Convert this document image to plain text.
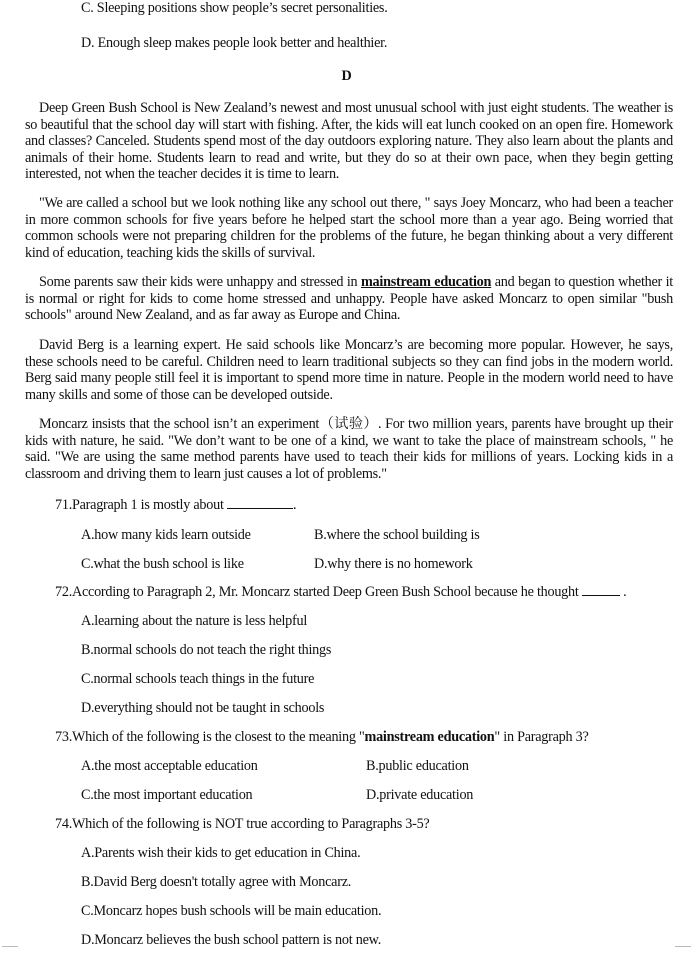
C. Sleeping positions show people’s secret personalities.
D. Enough sleep makes people look better and healthier.
D
Deep Green Bush School is New Zealand’s newest and most unusual school with just eight students. The weather is so beautiful that the school day will start with fishing. After, the kids will eat lunch cooked on an open fire. Homework and classes? Canceled. Students spend most of the day outdoors exploring nature. They also learn about the plants and animals of their home. Students learn to read and write, but they do so at their own pace, when they begin getting interested, not when the teacher decides it is time to learn.
"We are called a school but we look nothing like any school out there, " says Joey Moncarz, who had been a teacher in more common schools for five years before he helped start the school more than a year ago. Being worried that common schools were not preparing children for the problems of the future, he began thinking about a very different kind of education, teaching kids the skills of survival.
Some parents saw their kids were unhappy and stressed in mainstream education and began to question whether it is normal or right for kids to come home stressed and unhappy. People have asked Moncarz to open similar "bush schools" around New Zealand, and as far away as Europe and China.
David Berg is a learning expert. He said schools like Moncarz’s are becoming more popular. However, he says, these schools need to be careful. Children need to learn traditional subjects so they can find jobs in the modern world. Berg said many people still feel it is important to spend more time in nature. People in the modern world need to have many skills and some of those can be developed outside.
Moncarz insists that the school isn’t an experiment（试验）. For two million years, parents have brought up their kids with nature, he said. "We don’t want to be one of a kind, we want to take the place of mainstream schools, " he said. "We are using the same method parents have used to teach their kids for millions of years. Locking kids in a classroom and driving them to learn just causes a lot of problems."
71.Paragraph 1 is mostly about	.
A.how many kids learn outside	B.where the school building is
C.what the bush school is like	D.why there is no homework
72.According to Paragraph 2, Mr. Moncarz started Deep Green Bush School because he thought	.
A.learning about the nature is less helpful
B.normal schools do not teach the right things
C.normal schools teach things in the future
D.everything should not be taught in schools
73.Which of the following is the closest to the meaning "mainstream education" in Paragraph 3?
A.the most acceptable education	B.public education
C.the most important education	D.private education
74.Which of the following is NOT true according to Paragraphs 3-5?
A.Parents wish their kids to get education in China.
B.David Berg doesn't totally agree with Moncarz.
C.Moncarz hopes bush schools will be main education.
D.Moncarz believes the bush school pattern is not new.
